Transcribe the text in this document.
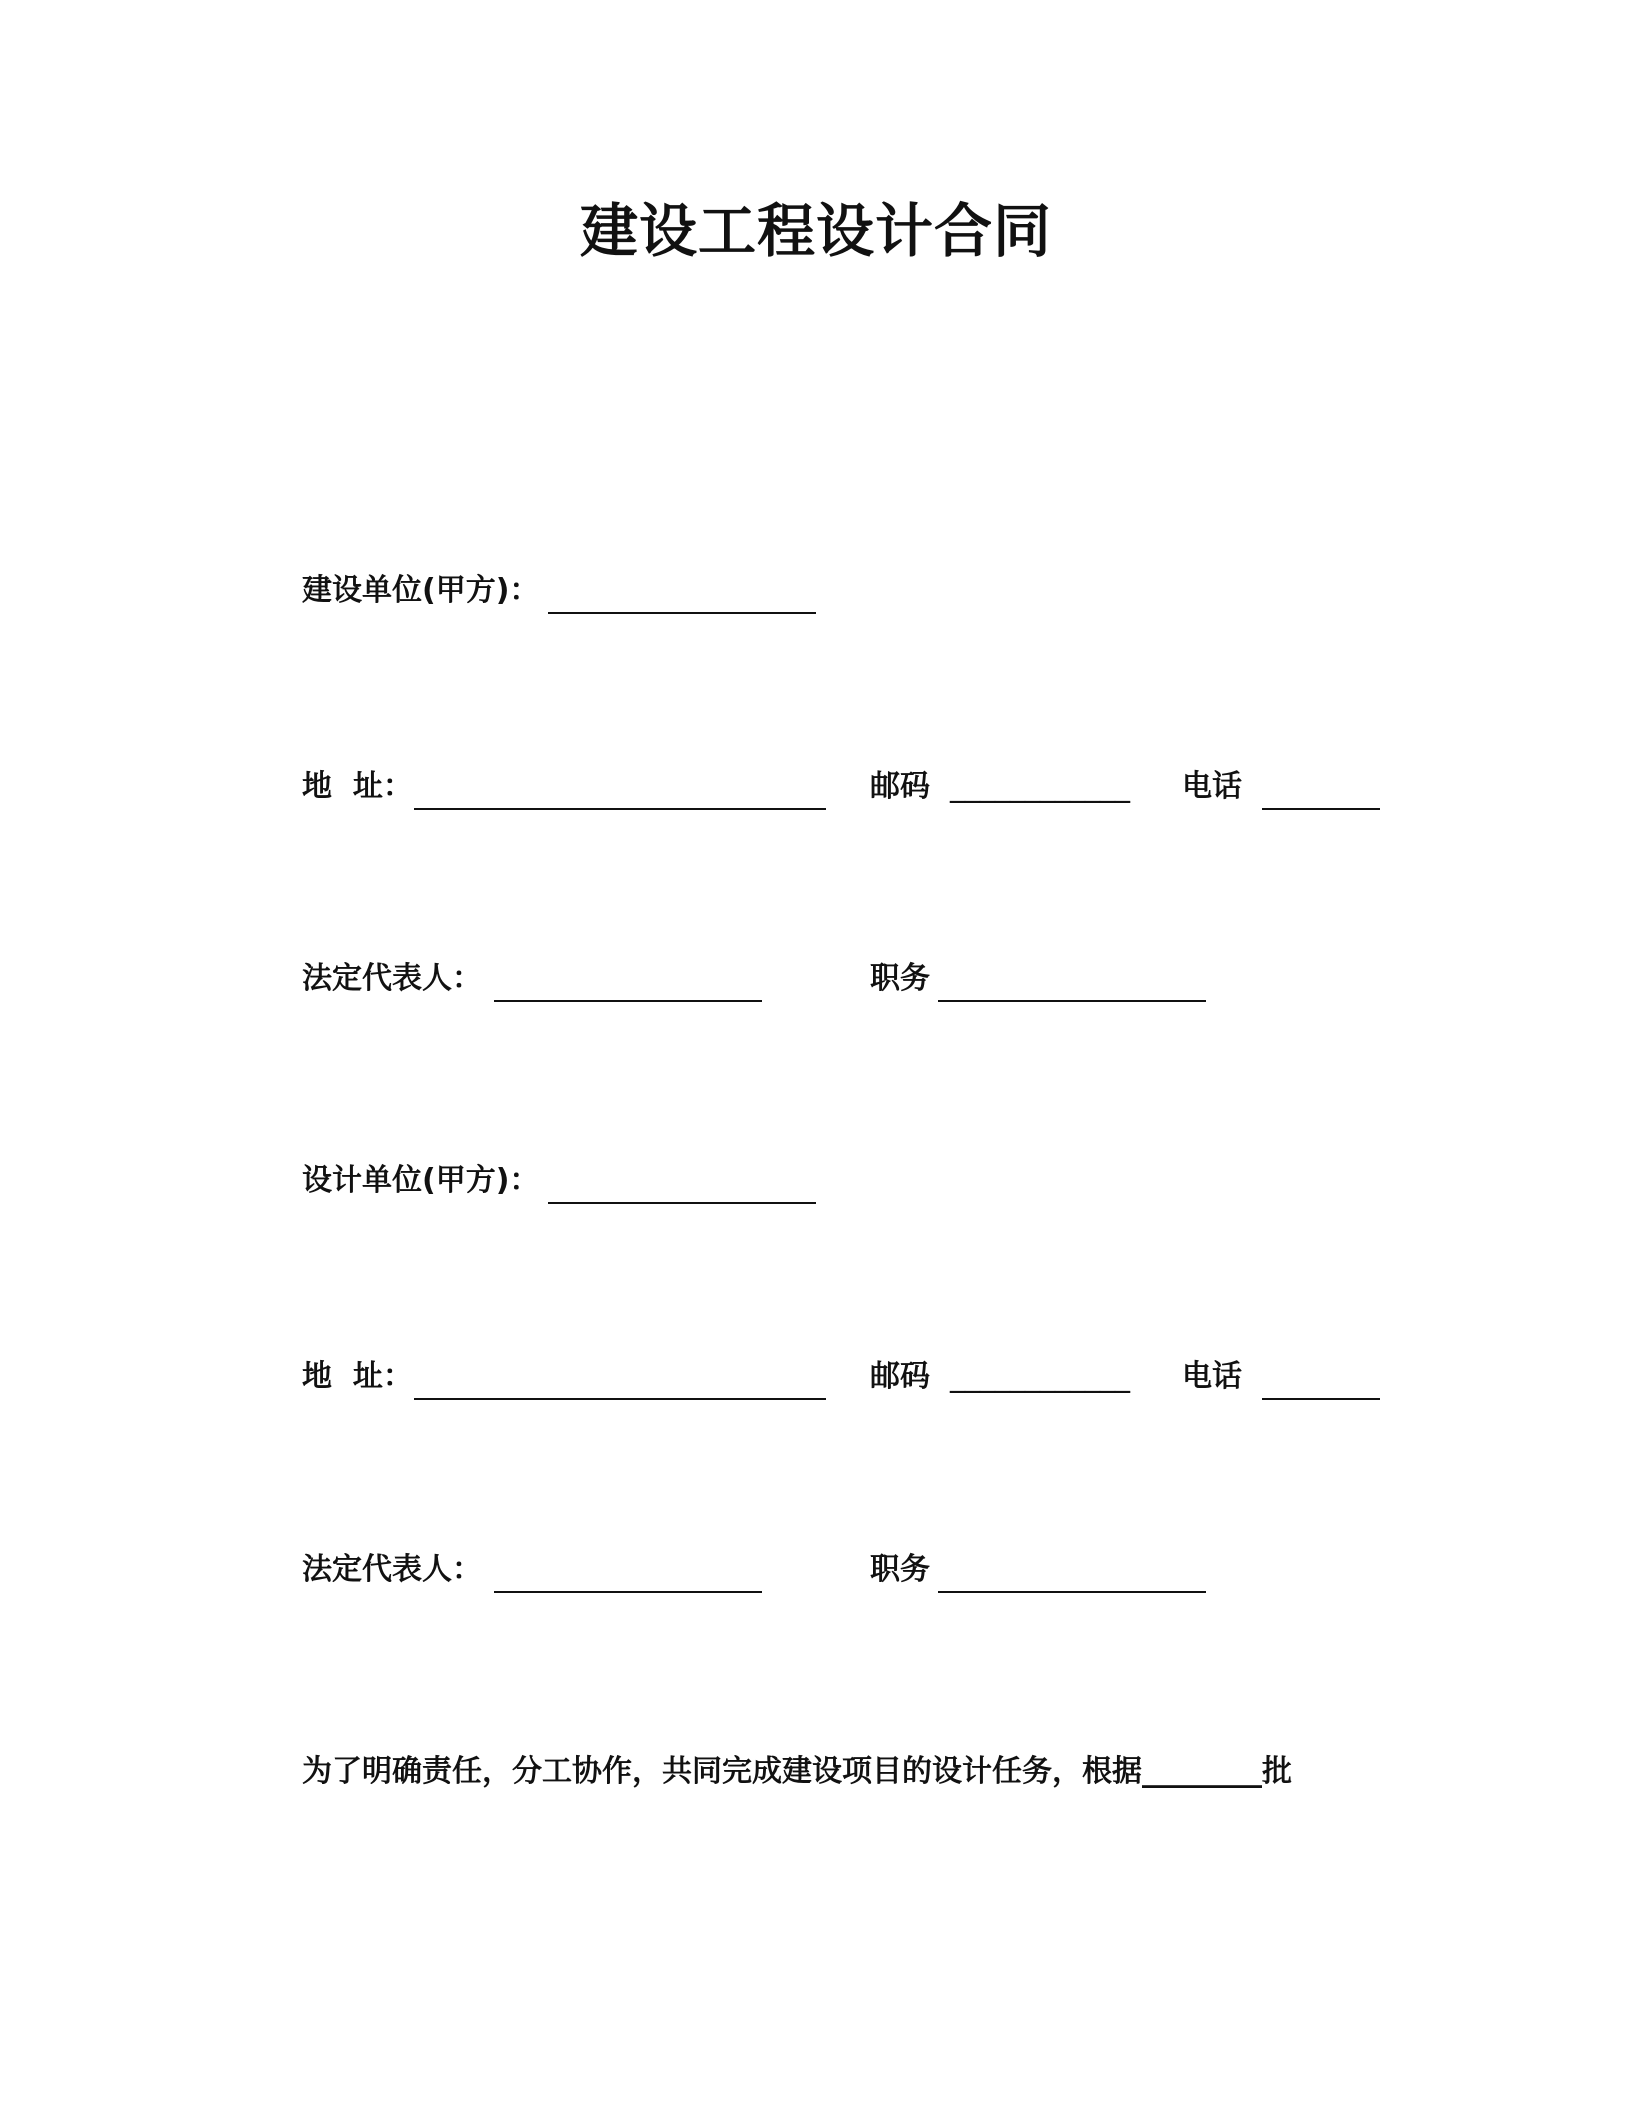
建设工程设计合同
建设单位(甲方)：
地  址：	邮码 ____________ 电话
法定代表人：	职务
设计单位(甲方)：
地  址：	邮码 ____________ 电话
法定代表人：	职务
为了明确责任，分工协作，共同完成建设项目的设计任务，根据________批
